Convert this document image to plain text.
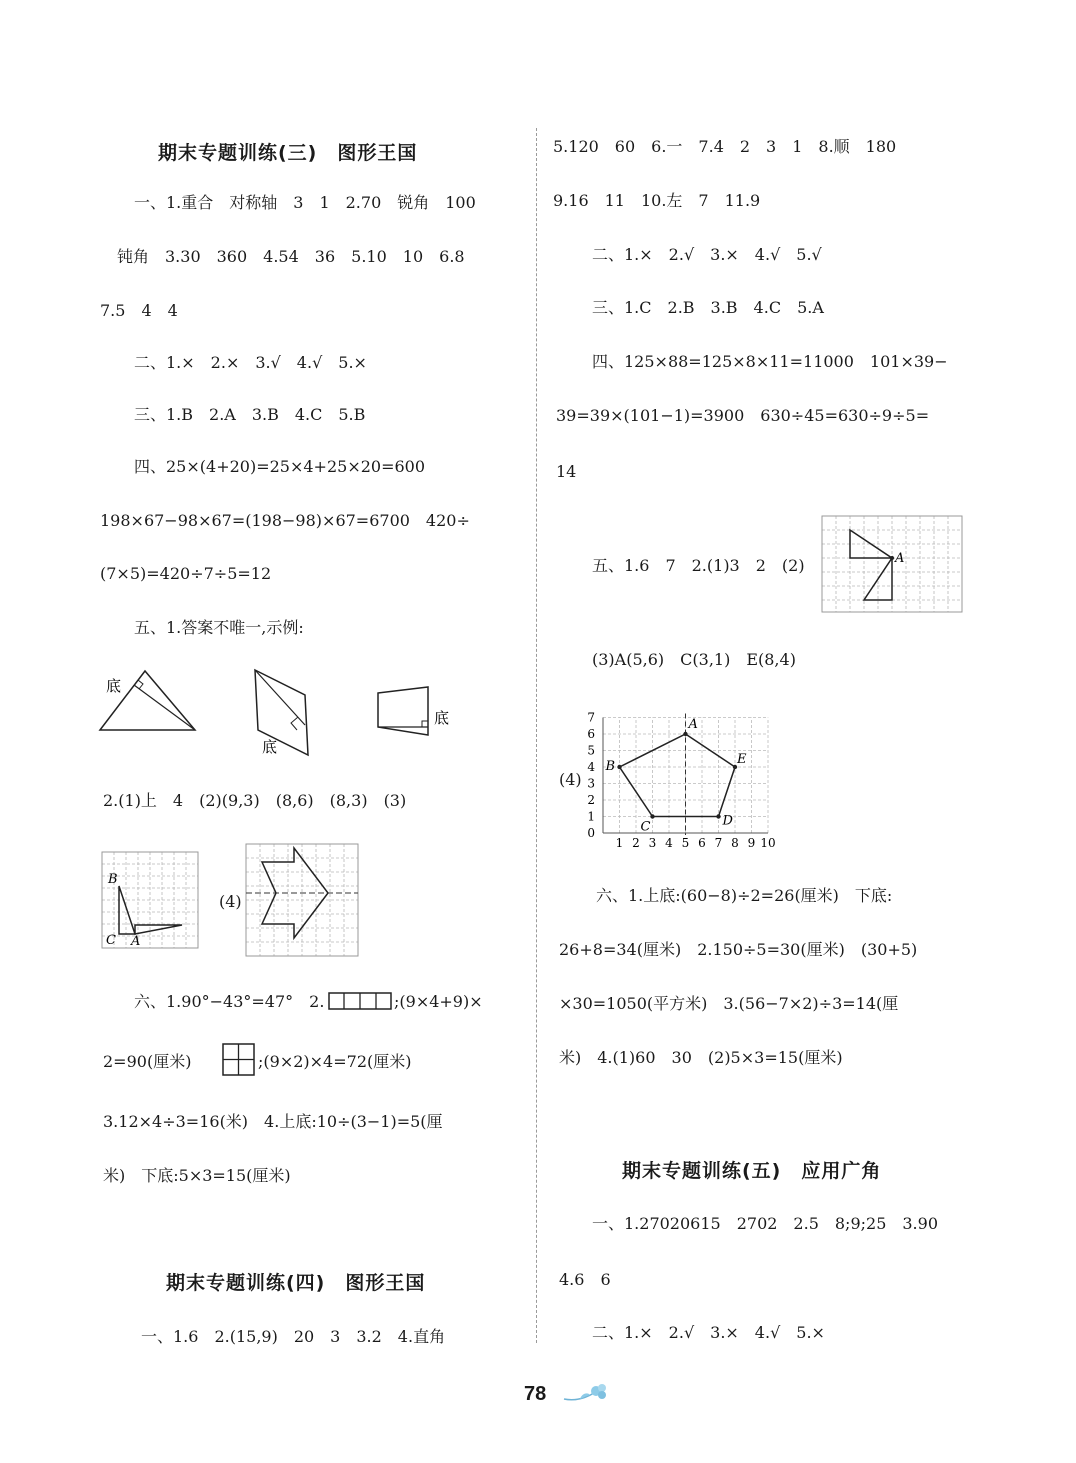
期末专题训练(三)　图形王国
一、1.重合　对称轴　3　1　2.70　锐角　100
钝角　3.30　360　4.54　36　5.10　10　6.8
7.5　4　4
二、1.×　2.×　3.√　4.√　5.×
三、1.B　2.A　3.B　4.C　5.B
四、25×(4+20)=25×4+25×20=600
198×67−98×67=(198−98)×67=6700　420÷
(7×5)=420÷7÷5=12
五、1.答案不唯一,示例:
底
底
底
2.(1)上　4　(2)(9,3)　(8,6)　(8,3)　(3)
B
C A
(4)
六、1.90°−43°=47°　2.	;(9×4+9)×
2=90(厘米)	;(9×2)×4=72(厘米)
3.12×4÷3=16(米)　4.上底:10÷(3−1)=5(厘
米)　下底:5×3=15(厘米)
期末专题训练(四)　图形王国
一、1.6　2.(15,9)　20　3　3.2　4.直角
5.120　60　6.一　7.4　2　3　1　8.顺　180
9.16　11　10.左　7　11.9
二、1.×　2.√　3.×　4.√　5.√
三、1.C　2.B　3.B　4.C　5.A
四、125×88=125×8×11=11000　101×39−
39=39×(101−1)=3900　630÷45=630÷9÷5=
14
五、1.6　7　2.(1)3　2　(2)	A
(3)A(5,6)　C(3,1)　E(8,4)
(4)
1 2 3 4 5 6 7 8 9 10
0
1
2
3
4
5
6
7	A
B
C	D
E
六、1.上底:(60−8)÷2=26(厘米)　下底:
26+8=34(厘米)　2.150÷5=30(厘米)　(30+5)
×30=1050(平方米)　3.(56−7×2)÷3=14(厘
米)　4.(1)60　30　(2)5×3=15(厘米)
期末专题训练(五)　应用广角
一、1.27020615　2702　2.5　8;9;25　3.90
4.6　6
二、1.×　2.√　3.×　4.√　5.×
78
